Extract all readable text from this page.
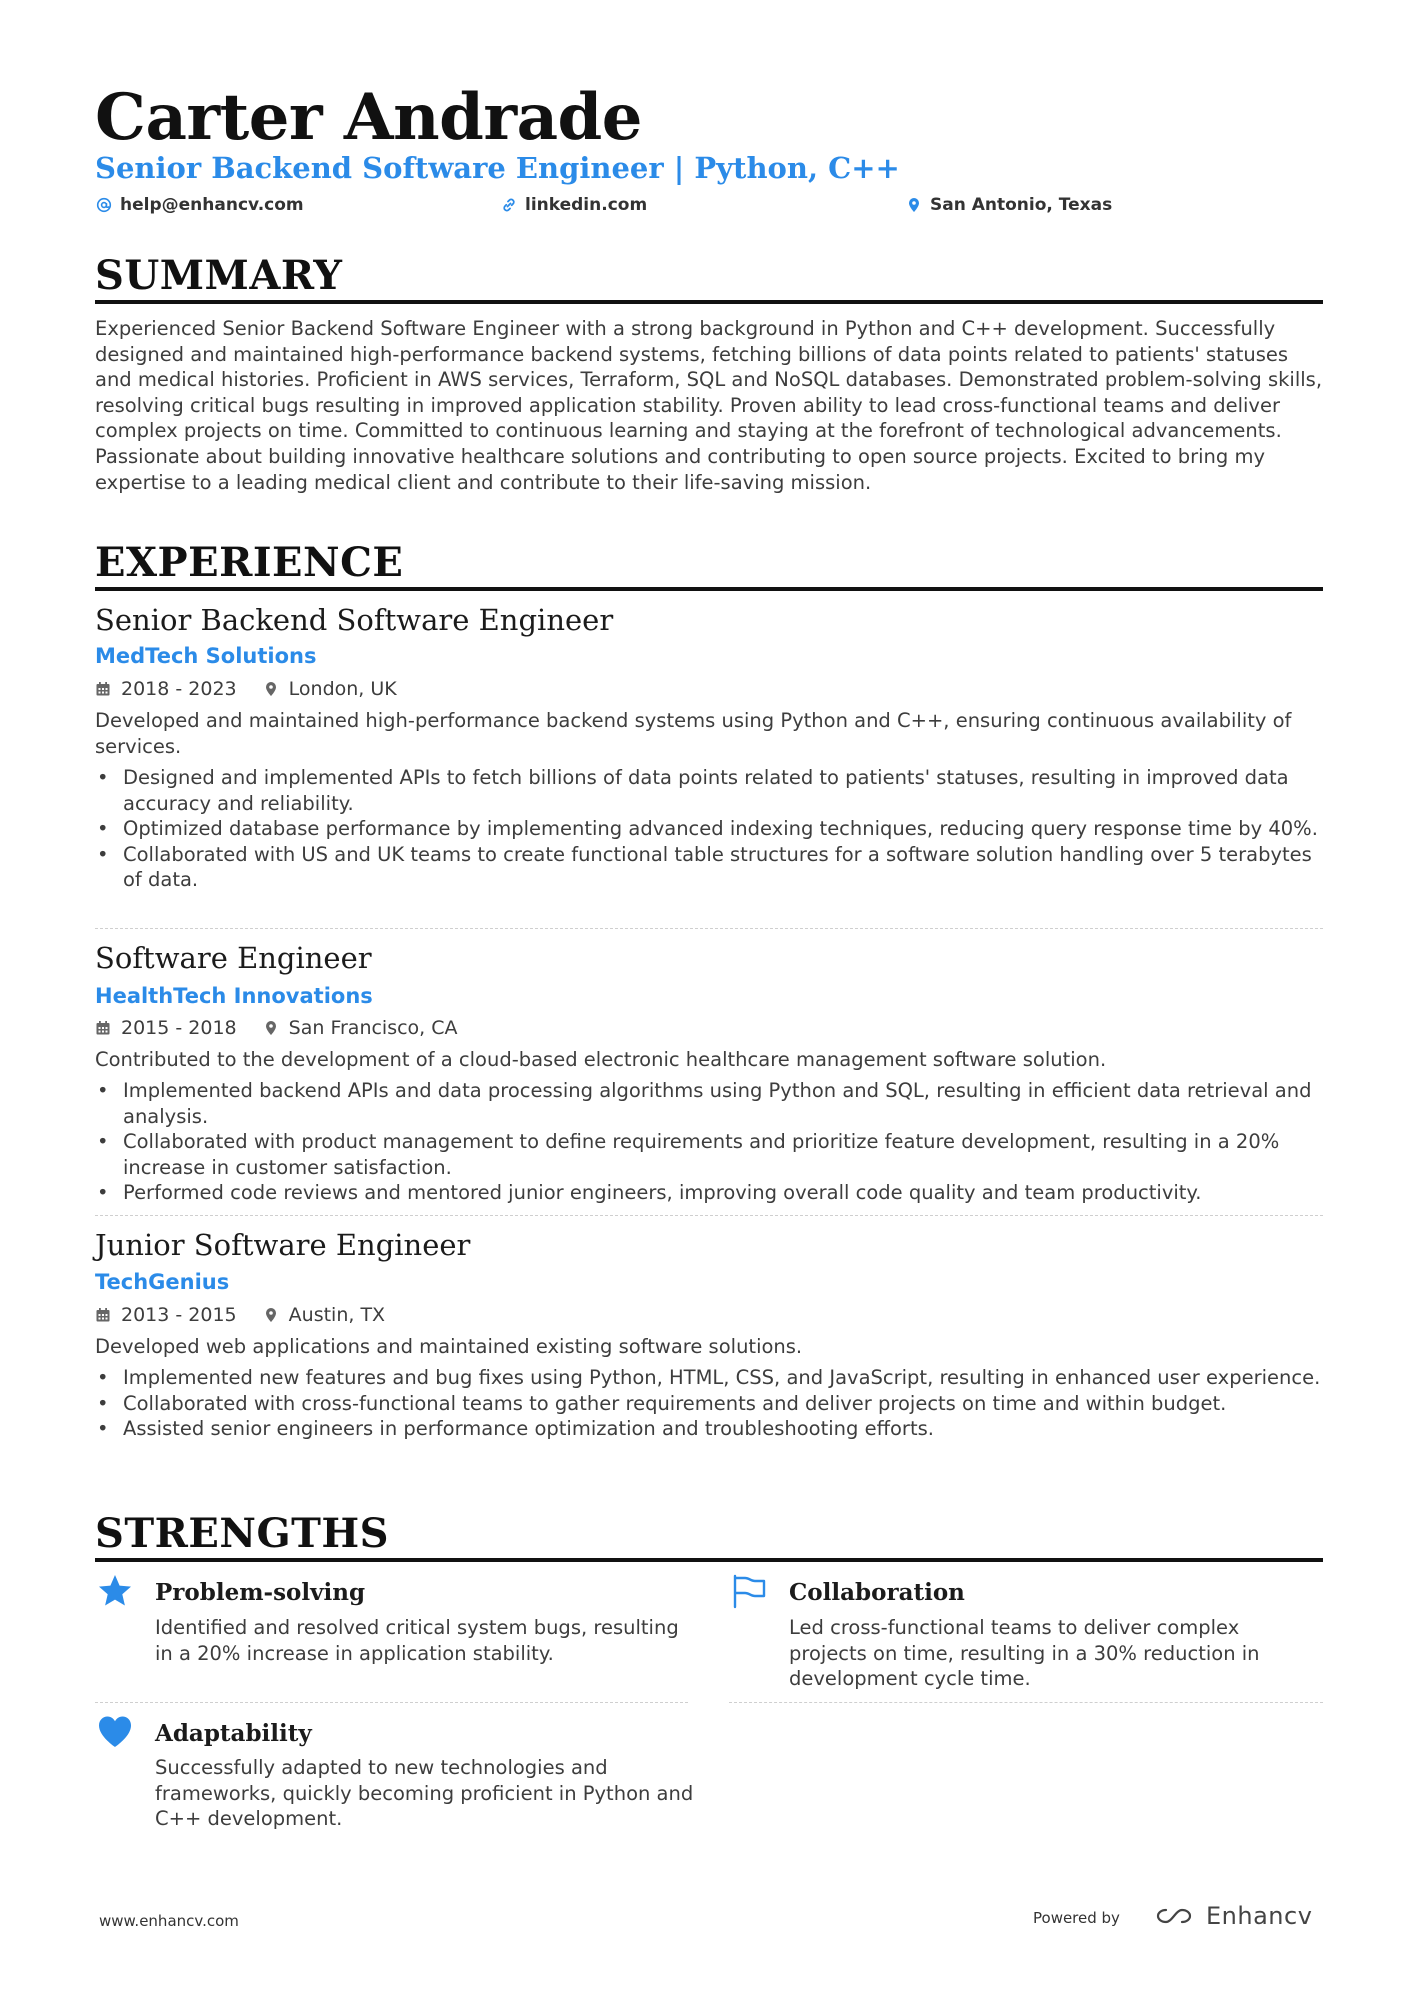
Carter Andrade
Senior Backend Software Engineer | Python, C++
help@enhancv.com	linkedin.com	San Antonio, Texas
SUMMARY
Experienced Senior Backend Software Engineer with a strong background in Python and C++ development. Successfully designed and maintained high-performance backend systems, fetching billions of data points related to patients' statuses and medical histories. Proficient in AWS services, Terraform, SQL and NoSQL databases. Demonstrated problem-solving skills, resolving critical bugs resulting in improved application stability. Proven ability to lead cross-functional teams and deliver complex projects on time. Committed to continuous learning and staying at the forefront of technological advancements. Passionate about building innovative healthcare solutions and contributing to open source projects. Excited to bring my expertise to a leading medical client and contribute to their life-saving mission.
EXPERIENCE
Senior Backend Software Engineer
MedTech Solutions
2018 - 2023	London, UK
Developed and maintained high-performance backend systems using Python and C++, ensuring continuous availability of services.
• Designed and implemented APIs to fetch billions of data points related to patients' statuses, resulting in improved data accuracy and reliability.
• Optimized database performance by implementing advanced indexing techniques, reducing query response time by 40%.
• Collaborated with US and UK teams to create functional table structures for a software solution handling over 5 terabytes of data.
Software Engineer
HealthTech Innovations
2015 - 2018	San Francisco, CA
Contributed to the development of a cloud-based electronic healthcare management software solution.
• Implemented backend APIs and data processing algorithms using Python and SQL, resulting in efficient data retrieval and analysis.
• Collaborated with product management to define requirements and prioritize feature development, resulting in a 20% increase in customer satisfaction.
• Performed code reviews and mentored junior engineers, improving overall code quality and team productivity.
Junior Software Engineer
TechGenius
2013 - 2015	Austin, TX
Developed web applications and maintained existing software solutions.
• Implemented new features and bug fixes using Python, HTML, CSS, and JavaScript, resulting in enhanced user experience.
• Collaborated with cross-functional teams to gather requirements and deliver projects on time and within budget.
• Assisted senior engineers in performance optimization and troubleshooting efforts.
STRENGTHS
Problem-solving
Identified and resolved critical system bugs, resulting in a 20% increase in application stability.
Collaboration
Led cross-functional teams to deliver complex projects on time, resulting in a 30% reduction in development cycle time.
Adaptability
Successfully adapted to new technologies and frameworks, quickly becoming proficient in Python and C++ development.
www.enhancv.com	Powered by	Enhancv
